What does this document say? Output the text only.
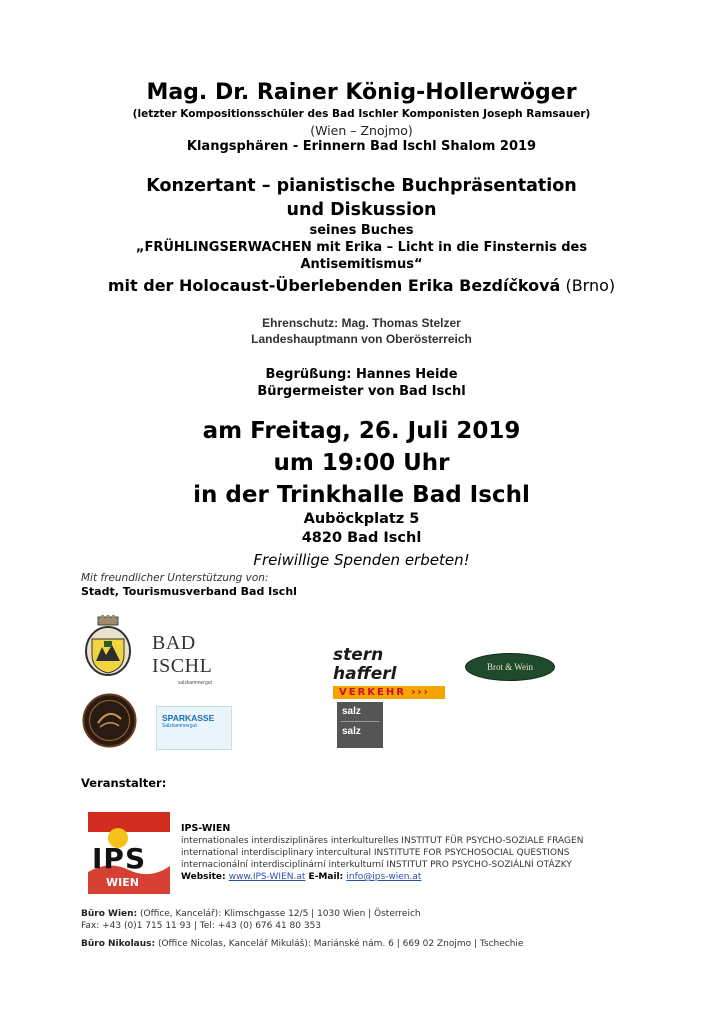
Mag. Dr. Rainer König-Hollerwöger
(letzter Kompositionsschüler des Bad Ischler Komponisten Joseph Ramsauer)
(Wien – Znojmo)
Klangsphären - Erinnern Bad Ischl Shalom 2019
Konzertant – pianistische Buchpräsentation
und Diskussion
seines Buches
„FRÜHLINGSERWACHEN mit Erika – Licht in die Finsternis des
Antisemitismus“
mit der Holocaust-Überlebenden Erika Bezdíčková (Brno)
Ehrenschutz: Mag. Thomas Stelzer
Landeshauptmann von Oberösterreich
Begrüßung: Hannes Heide
Bürgermeister von Bad Ischl
am Freitag, 26. Juli 2019
um 19:00 Uhr
in der Trinkhalle Bad Ischl
Auböckplatz 5
4820 Bad Ischl
Freiwillige Spenden erbeten!
Mit freundlicher Unterstützung von:
Stadt, Tourismusverband Bad Ischl
BAD ISCHL
salzkammergut
stern hafferl
VERKEHR ›››
Brot & Wein
SPARKASSE
Salzkammergut
salz
salz
Veranstalter:
IPS
WIEN
IPS-WIEN
internationales interdisziplinäres interkulturelles INSTITUT FÜR PSYCHO-SOZIALE FRAGEN
international interdisciplinary intercultural INSTITUTE FOR PSYCHOSOCIAL QUESTIONS
internacionální interdisciplinární interkulturní INSTITUT PRO PSYCHO-SOZIÁLNÍ OTÁZKY
Website: www.IPS-WIEN.at E-Mail: info@ips-wien.at
Büro Wien: (Office, Kancelář): Klimschgasse 12/5 | 1030 Wien | Österreich
Fax: +43 (0)1 715 11 93 | Tel: +43 (0) 676 41 80 353
Büro Nikolaus: (Office Nicolas, Kancelář Mikuláš): Mariánské nám. 6 | 669 02 Znojmo | Tschechie
